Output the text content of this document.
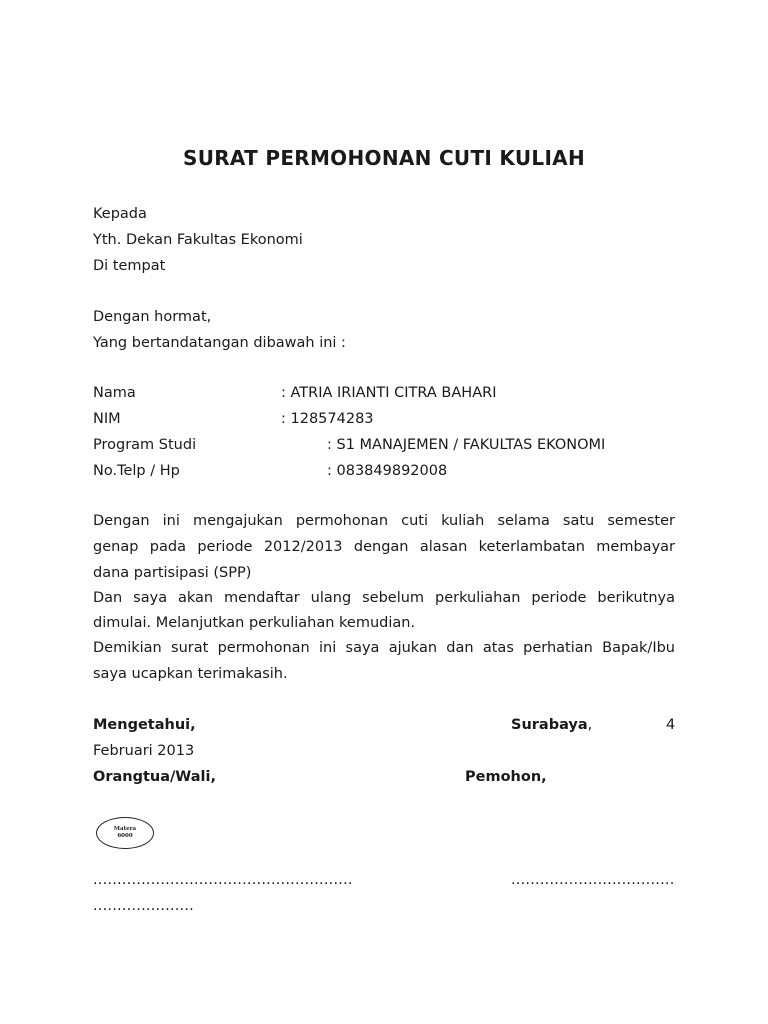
SURAT PERMOHONAN CUTI KULIAH
Kepada
Yth. Dekan Fakultas Ekonomi
Di tempat
Dengan hormat,
Yang bertandatangan dibawah ini :
Nama	: ATRIA IRIANTI CITRA BAHARI
NIM	: 128574283
Program Studi	: S1 MANAJEMEN / FAKULTAS EKONOMI
No.Telp / Hp	: 083849892008
Dengan ini mengajukan permohonan cuti kuliah selama satu semester
genap pada periode 2012/2013 dengan alasan keterlambatan membayar
dana partisipasi (SPP)
Dan saya akan mendaftar ulang sebelum perkuliahan periode berikutnya
dimulai. Melanjutkan perkuliahan kemudian.
Demikian surat permohonan ini saya ajukan dan atas perhatian Bapak/Ibu
saya ucapkan terimakasih.
Mengetahui,	Surabaya,	4
Februari 2013
Orangtua/Wali,	Pemohon,
Matera
6000
......................................................	..................................
.....................
